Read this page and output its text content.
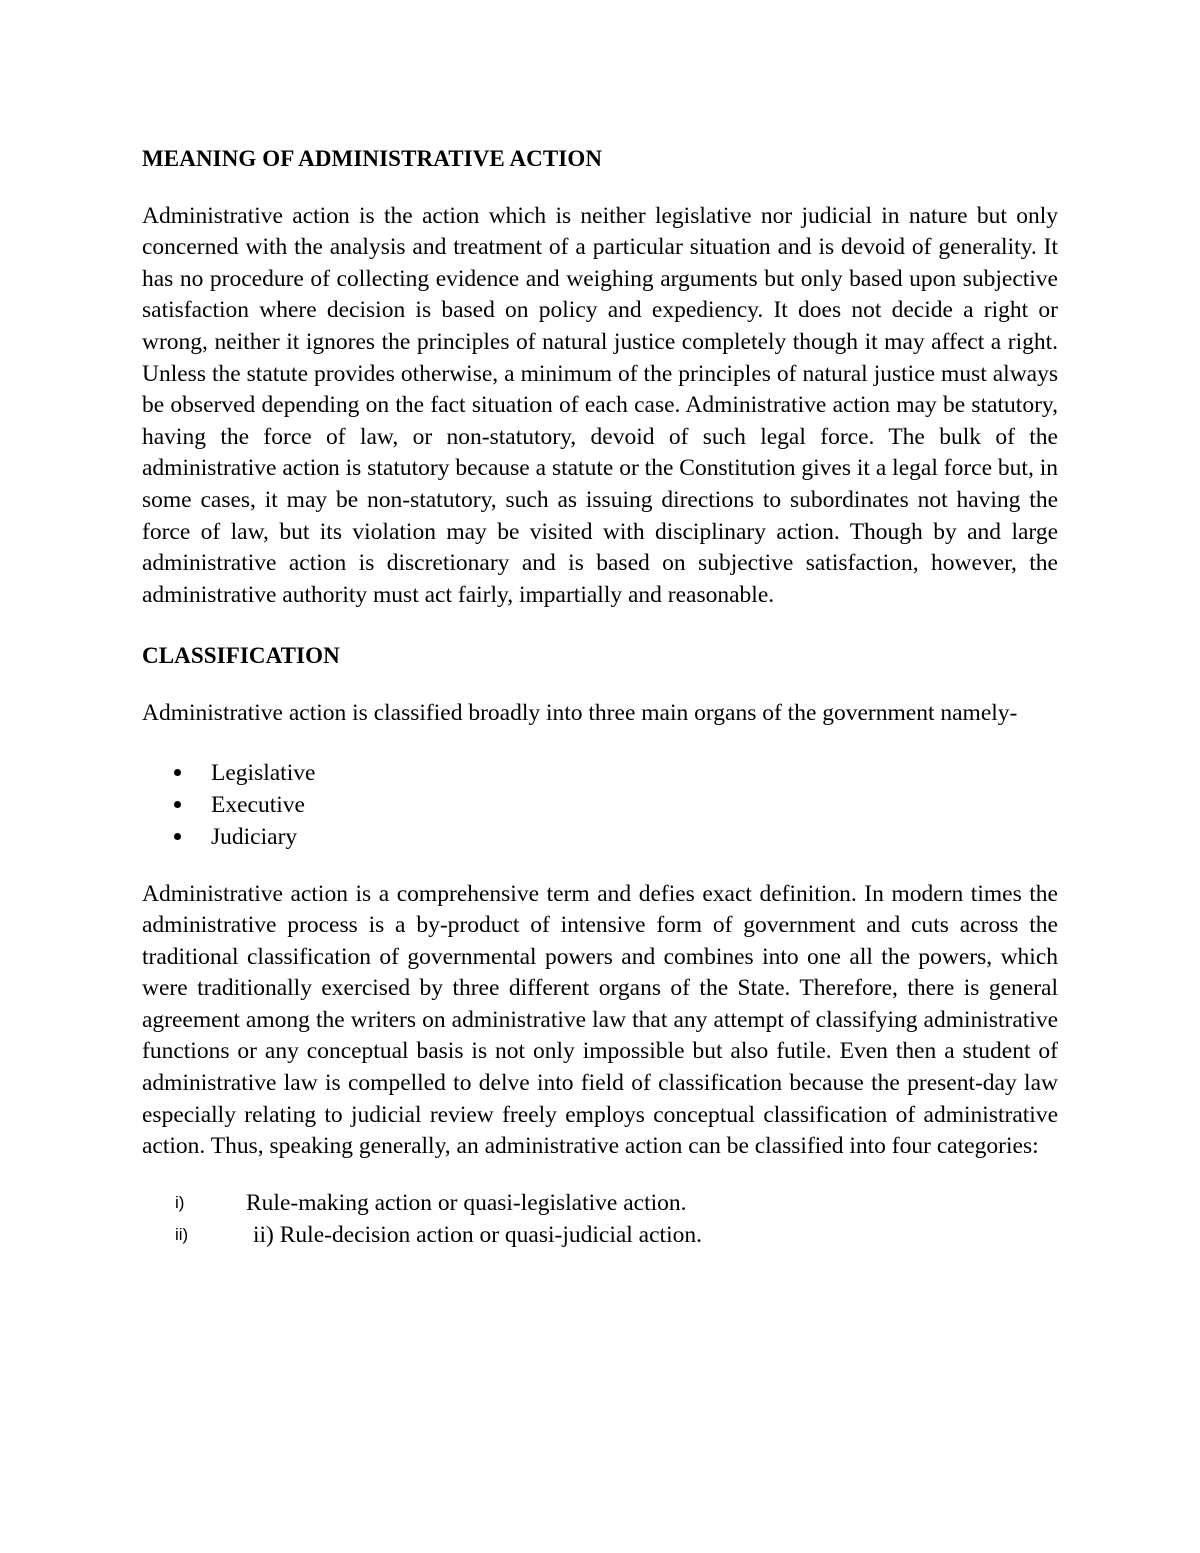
MEANING OF ADMINISTRATIVE ACTION

Administrative action is the action which is neither legislative nor judicial in nature but only concerned with the analysis and treatment of a particular situation and is devoid of generality. It has no procedure of collecting evidence and weighing arguments but only based upon subjective satisfaction where decision is based on policy and expediency. It does not decide a right or wrong, neither it ignores the principles of natural justice completely though it may affect a right. Unless the statute provides otherwise, a minimum of the principles of natural justice must always be observed depending on the fact situation of each case. Administrative action may be statutory, having the force of law, or non-statutory, devoid of such legal force. The bulk of the administrative action is statutory because a statute or the Constitution gives it a legal force but, in some cases, it may be non-statutory, such as issuing directions to subordinates not having the force of law, but its violation may be visited with disciplinary action. Though by and large administrative action is discretionary and is based on subjective satisfaction, however, the administrative authority must act fairly, impartially and reasonable.

CLASSIFICATION

Administrative action is classified broadly into three main organs of the government namely-

Legislative
Executive
Judiciary

Administrative action is a comprehensive term and defies exact definition. In modern times the administrative process is a by-product of intensive form of government and cuts across the traditional classification of governmental powers and combines into one all the powers, which were traditionally exercised by three different organs of the State. Therefore, there is general agreement among the writers on administrative law that any attempt of classifying administrative functions or any conceptual basis is not only impossible but also futile. Even then a student of administrative law is compelled to delve into field of classification because the present-day law especially relating to judicial review freely employs conceptual classification of administrative action. Thus, speaking generally, an administrative action can be classified into four categories:

i)	Rule-making action or quasi-legislative action.
ii)	ii) Rule-decision action or quasi-judicial action.
